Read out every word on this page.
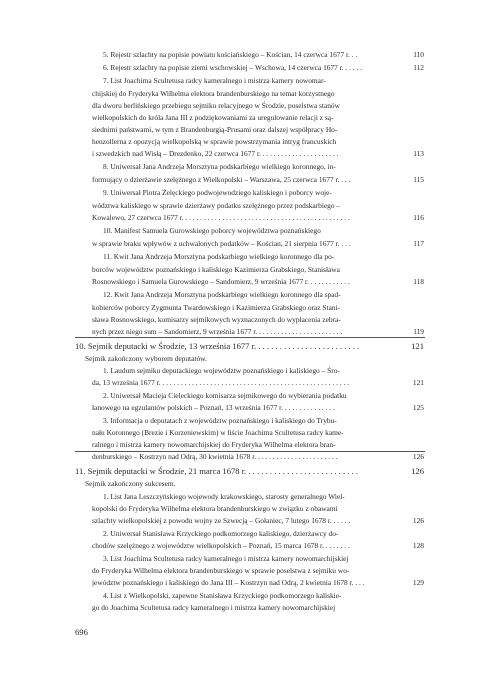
5. Rejestr szlachty na popisie powiatu kościańskiego – Kościan, 14 czerwca 1677 r. . .	110
6. Rejestr szlachty na popisie ziemi wschowskiej – Wschowa, 14 czerwca 1677 r. . . . . .	112
7. List Joachima Scultetusa radcy kameralnego i mistrza kamery nowomar-
chijskiej do Fryderyka Wilhelma elektora brandenburskiego na temat korzystnego
dla dworu berlińskiego przebiegu sejmiku relacyjnego w Środzie, poselstwa stanów
wielkopolskich do króla Jana III z podziękowaniami za uregulowanie relacji z są-
siednimi państwami, w tym z Brandenburgią-Prusami oraz dalszej współpracy Ho-
henzollerna z opozycją wielkopolską w sprawie powstrzymania intryg francuskich
i szwedzkich nad Wisłą – Drezdenko, 22 czerwca 1677 r. . . . . . . . . . . . . . . . . . . . . .	113
8. Uniwersał Jana Andrzeja Morsztyna podskarbiego wielkiego koronnego, in-
formujący o dzierżawie szelężnego z Wielkopolski – Warszawa, 25 czerwca 1677 r. . . .	115
9. Uniwersał Piotra Żelęckiego podwojewodziego kaliskiego i poborcy woje-
wództwa kaliskiego w sprawie dzierżawy podatku szelężnego przez podskarbiego –
Kowalewo, 27 czerwca 1677 r. . . . . . . . . . . . . . . . . . . . . . . . . . . . . . . . . . . . . . . . . . . . . .	116
10. Manifest Samuela Gurowskiego poborcy województwa poznańskiego
w sprawie braku wpływów z uchwalonych podatków – Kościan, 21 sierpnia 1677 r. . . .	117
11. Kwit Jana Andrzeja Morsztyna podskarbiego wielkiego koronnego dla po-
borców województw poznańskiego i kaliskiego Kazimierza Grabskiego, Stanisława
Rosnowskiego i Samuela Gurowskiego – Sandomierz, 9 września 1677 r. . . . . . . . . . . .	118
12. Kwit Jana Andrzeja Morsztyna podskarbiego wielkiego koronnego dla spad-
kobierców poborcy Zygmunta Twardowskiego i Kazimierza Grabskiego oraz Stani-
sława Rosnowskiego, komisarzy sejmikowych wyznaczonych do wypłacenia zebra-
nych przez niego sum – Sandomierz, 9 września 1677 r. . . . . . . . . . . . . . . . . . . . . . . .	119
10. Sejmik deputacki w Środzie, 13 września 1677 r. . . . . . . . . . . . . . . . . . . . . . . . .	121
Sejmik zakończony wyborem deputatów.
1. Laudum sejmiku deputackiego województw poznańskiego i kaliskiego – Śro-
da, 13 września 1677 r. . . . . . . . . . . . . . . . . . . . . . . . . . . . . . . . . . . . . . . . . . . . . . . . . . . .	121
2. Uniwersał Macieja Cieleckiego komisarza sejmikowego do wybierania podatku
łanowego na egzulantów polskich – Poznań, 13 września 1677 r. . . . . . . . . . . . . . .	125
3. Informacja o deputatach z województw poznańskiego i kaliskiego do Trybu-
nału Koronnego (Brezie i Korzeniewskim) w liście Joachima Scultetusa radcy kame-
ralnego i mistrza kamery nowomarchijskiej do Fryderyka Wilhelma elektora bran-
denburskiego – Kostrzyn nad Odrą, 30 kwietnia 1678 r. . . . . . . . . . . . . . . . . . . . . . .	126
11. Sejmik deputacki w Środzie, 21 marca 1678 r. . . . . . . . . . . . . . . . . . . . . . . . . . .	126
Sejmik zakończony sukcesem.
1. List Jana Leszczyńskiego wojewody krakowskiego, starosty generalnego Wiel-
kopolski do Fryderyka Wilhelma elektora brandenburskiego w związku z obawami
szlachty wielkopolskiej z powodu wojny ze Szwecją – Gołaniec, 7 lutego 1678 r. . . . . .	126
2. Uniwersał Stanisława Krzyckiego podkomorzego kaliskiego, dzierżawcy do-
chodów szelężnego z województw wielkopolskich – Poznań, 15 marca 1678 r. . . . . . . .	128
3. List Joachima Scultetusa radcy kameralnego i mistrza kamery nowomarchijskiej
do Fryderyka Wilhelma elektora brandenburskiego w sprawie poselstwa z sejmiku wo-
jewództw poznańskiego i kaliskiego do Jana III – Kostrzyn nad Odrą, 2 kwietnia 1678 r. . . .	129
4. List z Wielkopolski, zapewne Stanisława Krzyckiego podkomorzego kaliskie-
go do Joachima Scultetusa radcy kameralnego i mistrza kamery nowomarchijskiej
696
